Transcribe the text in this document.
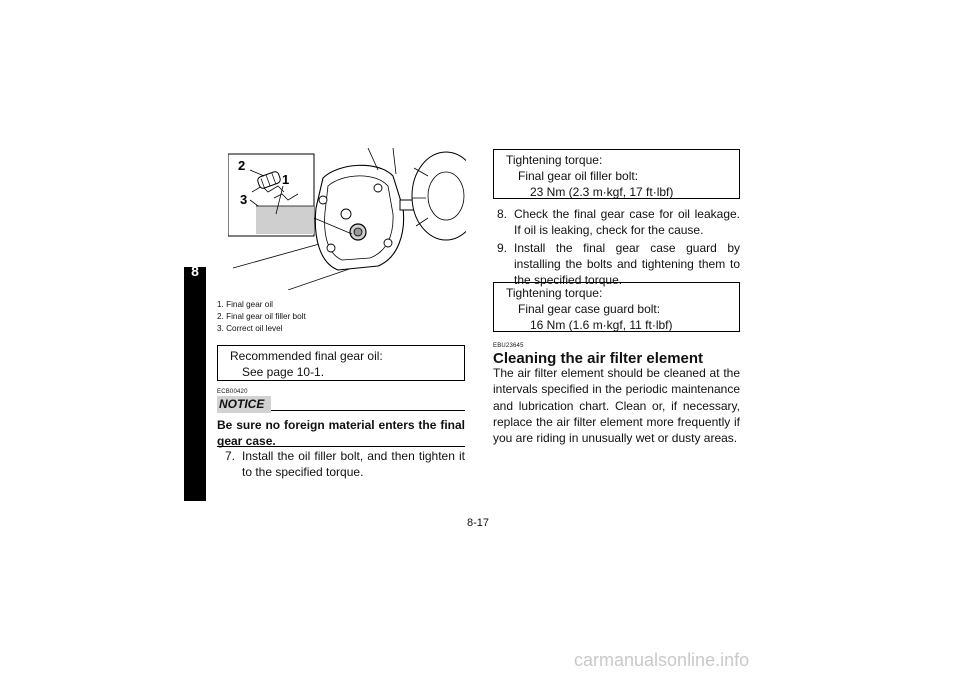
8
2
1
3
1. Final gear oil
2. Final gear oil filler bolt
3. Correct oil level
Recommended final gear oil:
See page 10-1.
ECB00420
NOTICE
Be sure no foreign material enters the final gear case.
7. Install the oil filler bolt, and then tighten it to the specified torque.
Tightening torque:
Final gear oil filler bolt:
23 Nm (2.3 m·kgf, 17 ft·lbf)
8. Check the final gear case for oil leakage. If oil is leaking, check for the cause.
9. Install the final gear case guard by installing the bolts and tightening them to the specified torque.
Tightening torque:
Final gear case guard bolt:
16 Nm (1.6 m·kgf, 11 ft·lbf)
EBU23645
Cleaning the air filter element
The air filter element should be cleaned at the intervals specified in the periodic maintenance and lubrication chart. Clean or, if necessary, replace the air filter element more frequently if you are riding in unusually wet or dusty areas.
8-17
carmanualsonline.info
